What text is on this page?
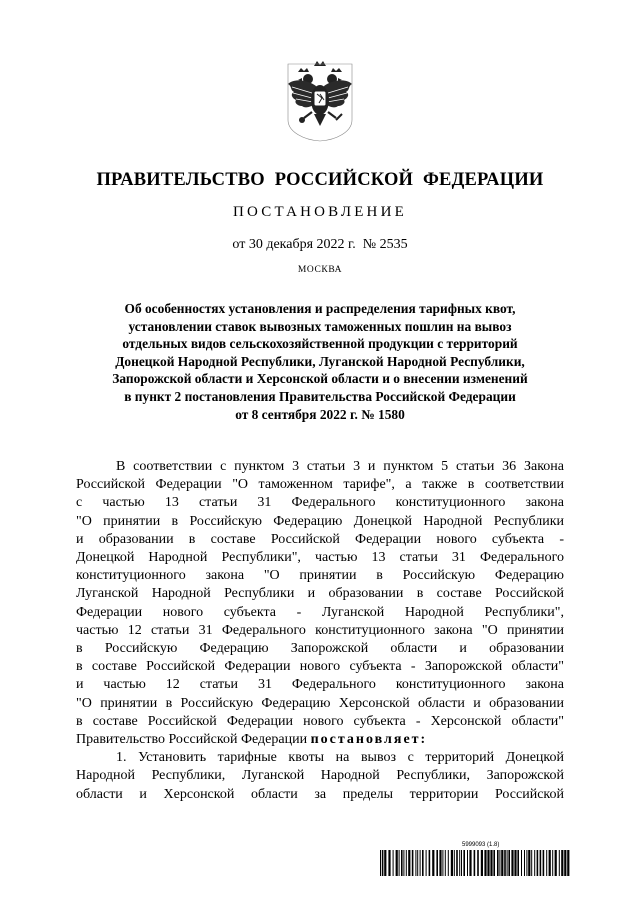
ПРАВИТЕЛЬСТВО РОССИЙСКОЙ ФЕДЕРАЦИИ
ПОСТАНОВЛЕНИЕ
от 30 декабря 2022 г. № 2535
МОСКВА
Об особенностях установления и распределения тарифных квот,
установлении ставок вывозных таможенных пошлин на вывоз
отдельных видов сельскохозяйственной продукции с территорий
Донецкой Народной Республики, Луганской Народной Республики,
Запорожской области и Херсонской области и о внесении изменений
в пункт 2 постановления Правительства Российской Федерации
от 8 сентября 2022 г. № 1580
В соответствии с пунктом 3 статьи 3 и пунктом 5 статьи 36 Закона
Российской Федерации "О таможенном тарифе", а также в соответствии
с частью 13 статьи 31 Федерального конституционного закона
"О принятии в Российскую Федерацию Донецкой Народной Республики
и образовании в составе Российской Федерации нового субъекта -
Донецкой Народной Республики", частью 13 статьи 31 Федерального
конституционного закона "О принятии в Российскую Федерацию
Луганской Народной Республики и образовании в составе Российской
Федерации нового субъекта - Луганской Народной Республики",
частью 12 статьи 31 Федерального конституционного закона "О принятии
в Российскую Федерацию Запорожской области и образовании
в составе Российской Федерации нового субъекта - Запорожской области"
и частью 12 статьи 31 Федерального конституционного закона
"О принятии в Российскую Федерацию Херсонской области и образовании
в составе Российской Федерации нового субъекта - Херсонской области"
Правительство Российской Федерации постановляет:
1. Установить тарифные квоты на вывоз с территорий Донецкой
Народной Республики, Луганской Народной Республики, Запорожской
области и Херсонской области за пределы территории Российской
5999093 (1.8)
